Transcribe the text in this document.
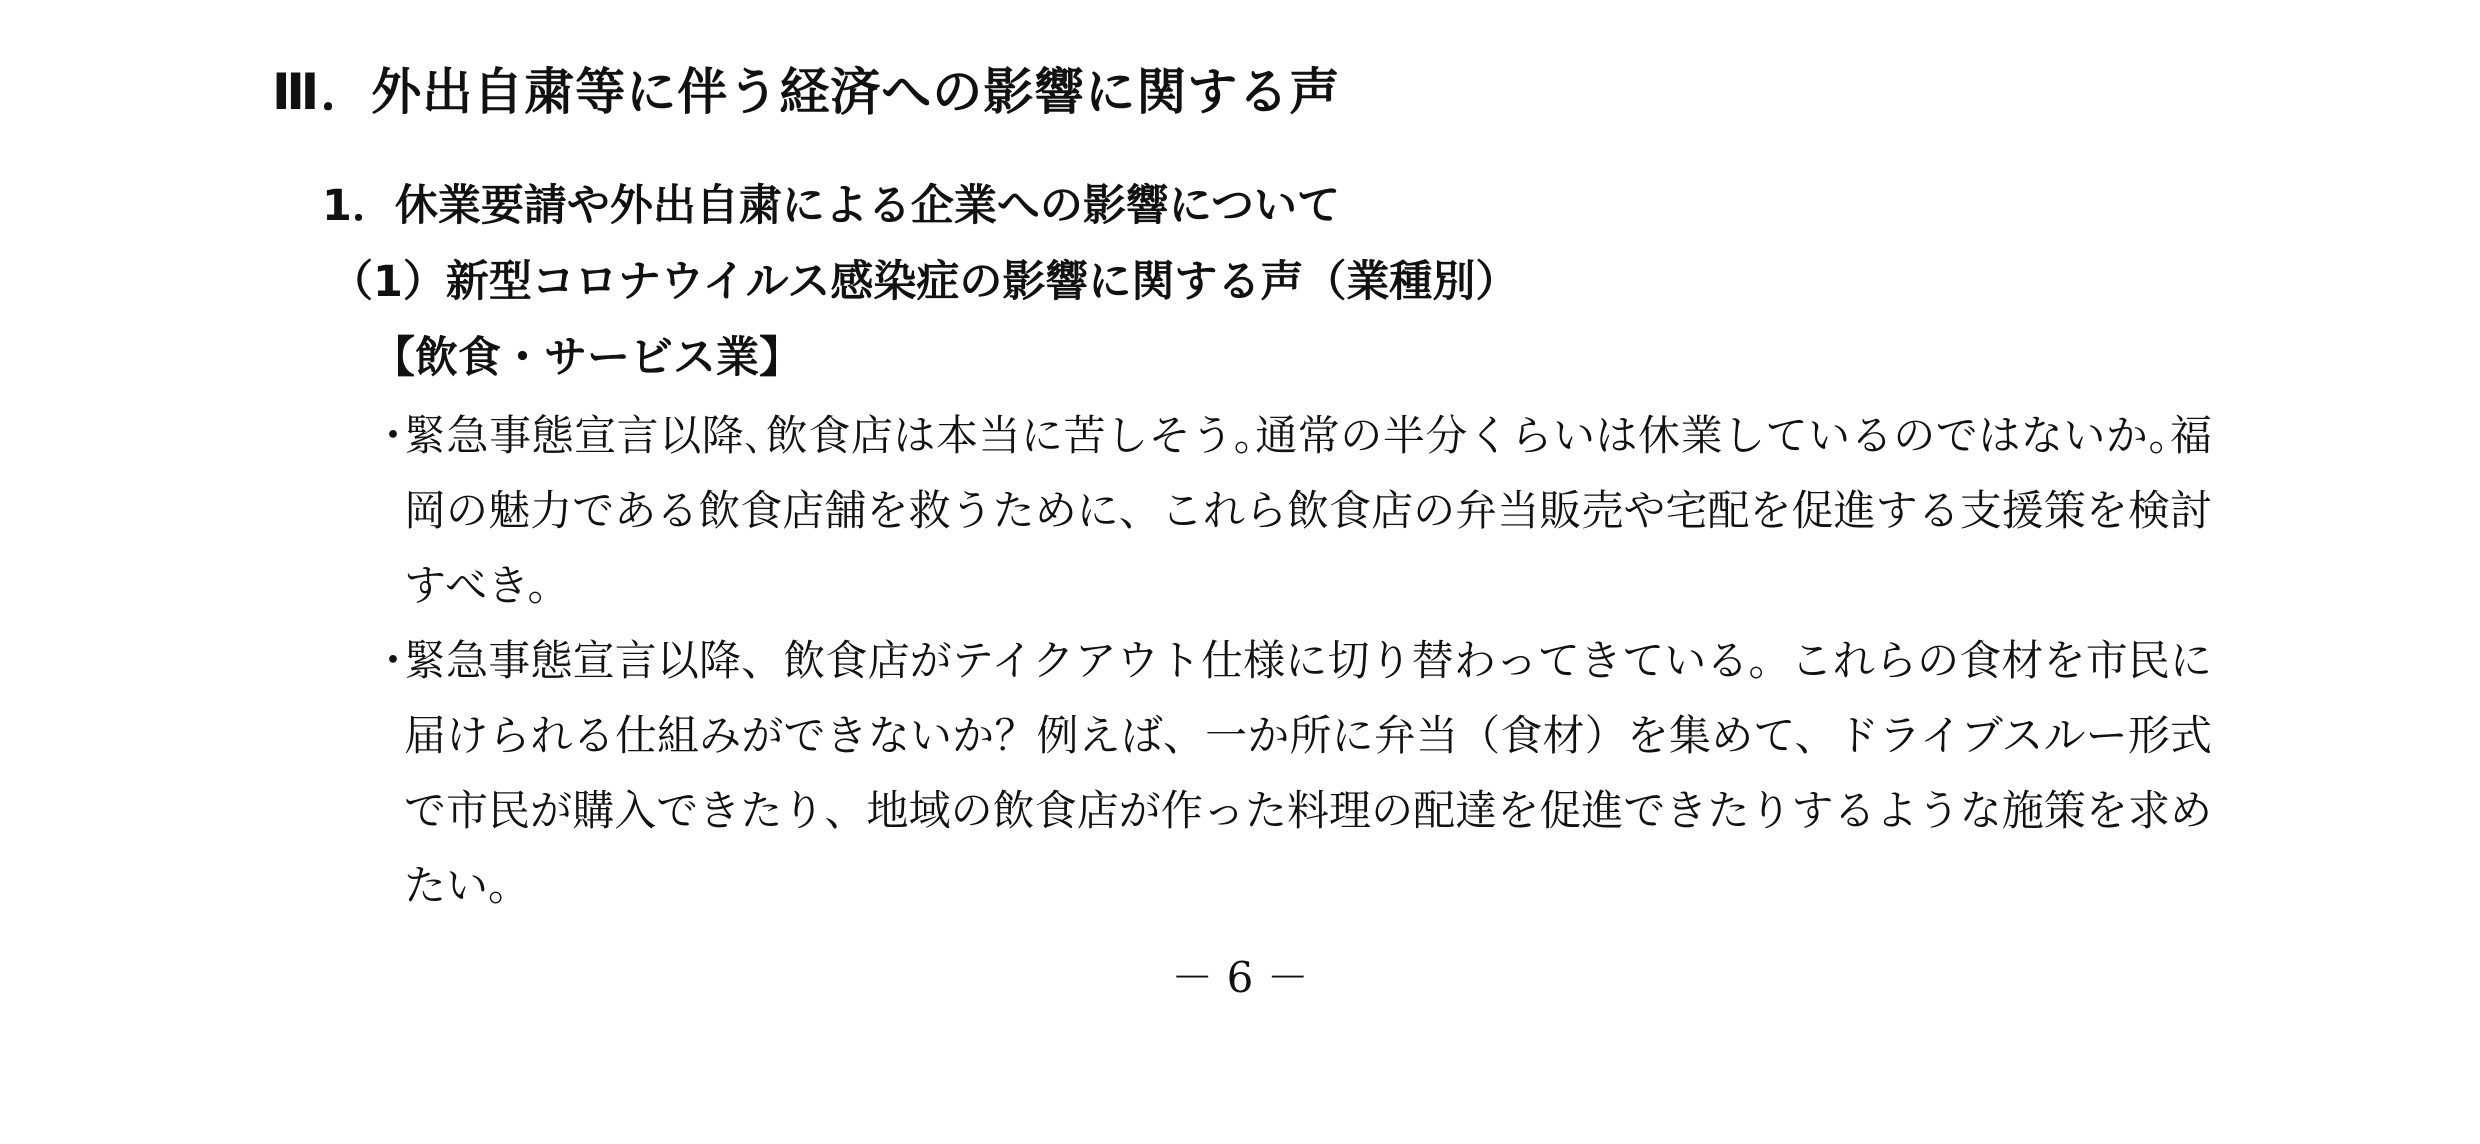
Ⅲ．外出自粛等に伴う経済への影響に関する声
1．休業要請や外出自粛による企業への影響について
（1）新型コロナウイルス感染症の影響に関する声（業種別）
【飲食・サービス業】
・
緊急事態宣言以降､飲食店は本当に苦しそう｡通常の半分くらいは休業しているのではないか｡福岡の魅力である飲食店舗を救うために、これら飲食店の弁当販売や宅配を促進する支援策を検討すべき。
・
緊急事態宣言以降、飲食店がテイクアウト仕様に切り替わってきている。これらの食材を市民に届けられる仕組みができないか？例えば、一か所に弁当（食材）を集めて、ドライブスルー形式で市民が購入できたり、地域の飲食店が作った料理の配達を促進できたりするような施策を求めたい。
－ 6 －
